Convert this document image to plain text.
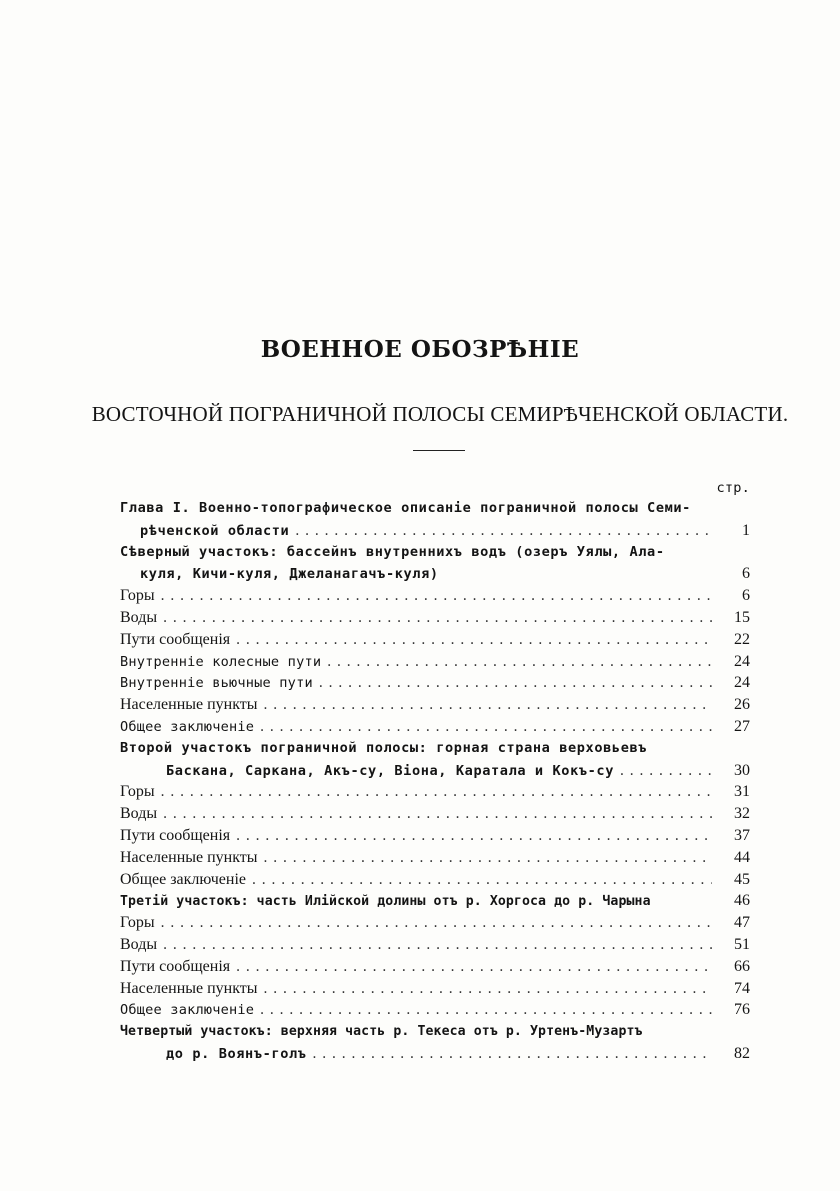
ВОЕННОЕ ОБОЗРѢНІЕ
ВОСТОЧНОЙ ПОГРАНИЧНОЙ ПОЛОСЫ СЕМИРѢЧЕНСКОЙ ОБЛАСТИ.
стр.
Глава I. Военно-топографическое описаніе пограничной полосы Семи-
рѣченской области . . .	1
Сѣверный участокъ: бассейнъ внутреннихъ водъ (озеръ Уялы, Ала-
куля, Кичи-куля, Джеланагачъ-куля)	6
Горы . . .	6
Воды . . .	15
Пути сообщенія . . .	22
Внутренніе колесные пути . . .	24
Внутренніе вьючные пути . . .	24
Населенные пункты . . .	26
Общее заключеніе . . .	27
Второй участокъ пограничной полосы: горная страна верховьевъ
Баскана, Саркана, Акъ-су, Віона, Каратала и Кокъ-су . . .	30
Горы . . .	31
Воды . . .	32
Пути сообщенія . . .	37
Населенные пункты . . .	44
Общее заключеніе . . .	45
Третій участокъ: часть Илійской долины отъ р. Хоргоса до р. Чарына	46
Горы . . .	47
Воды . . .	51
Пути сообщенія . . .	66
Населенные пункты . . .	74
Общее заключеніе . . .	76
Четвертый участокъ: верхняя часть р. Текеса отъ р. Уртенъ-Музартъ
до р. Воянъ-голъ . . .	82
